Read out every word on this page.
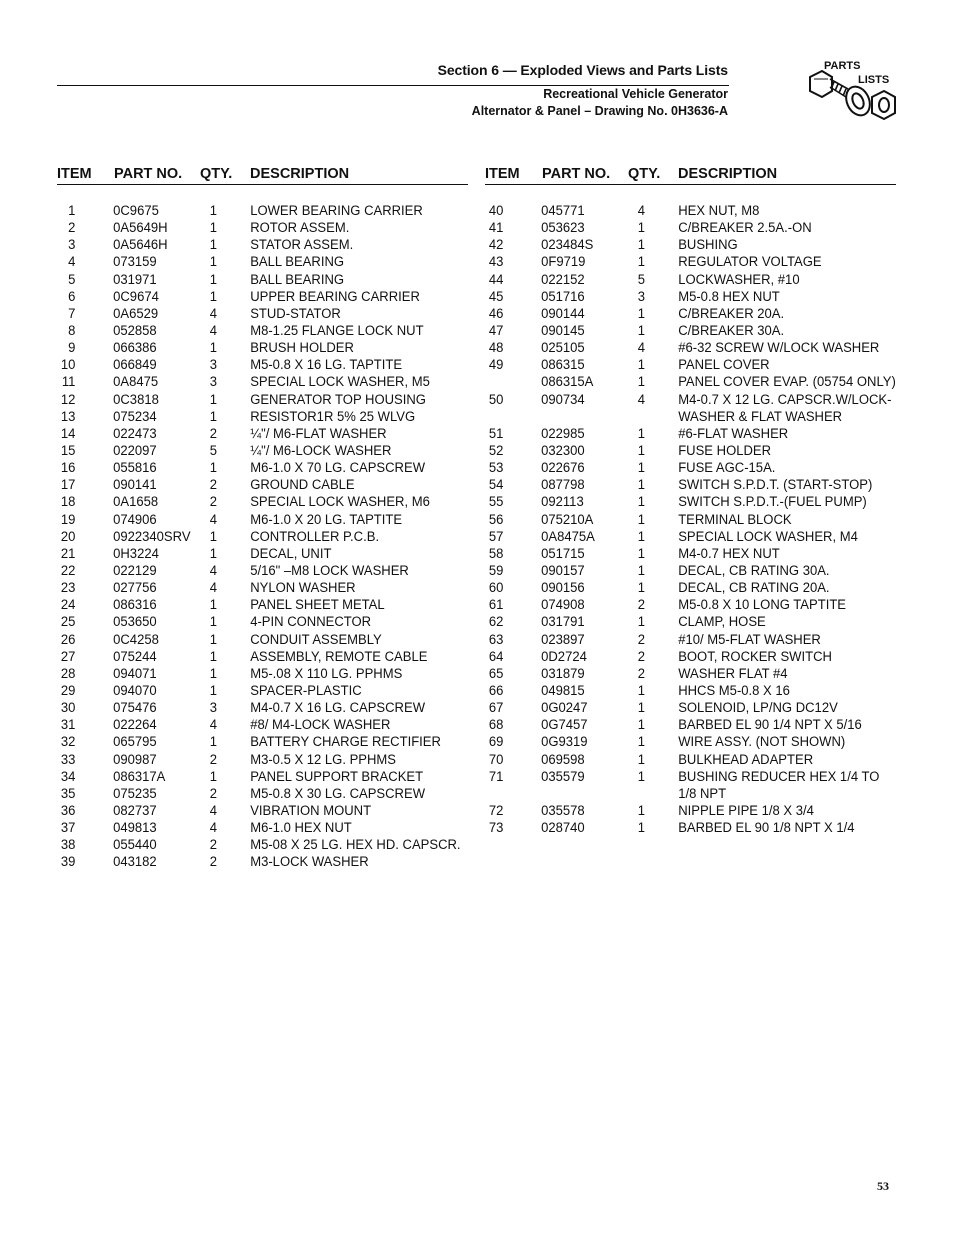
Section 6 — Exploded Views and Parts Lists
Recreational Vehicle Generator
Alternator & Panel – Drawing No. 0H3636-A
PARTS
LISTS
ITEM PART NO. QTY. DESCRIPTION
1	0C9675	1 LOWER BEARING CARRIER
2	0A5649H	1 ROTOR ASSEM.
3	0A5646H	1 STATOR ASSEM.
4	073159	1 BALL BEARING
5	031971	1 BALL BEARING
6	0C9674	1 UPPER BEARING CARRIER
7	0A6529	4 STUD-STATOR
8	052858	4 M8-1.25 FLANGE LOCK NUT
9	066386	1 BRUSH HOLDER
10	066849	3 M5-0.8 X 16 LG. TAPTITE
11	0A8475	3 SPECIAL LOCK WASHER, M5
12	0C3818	1 GENERATOR TOP HOUSING
13	075234	1 RESISTOR1R 5% 25 WLVG
14	022473	2 ¼"/ M6-FLAT WASHER
15	022097	5 ¼"/ M6-LOCK WASHER
16	055816	1 M6-1.0 X 70 LG. CAPSCREW
17	090141	2 GROUND CABLE
18	0A1658	2 SPECIAL LOCK WASHER, M6
19	074906	4 M6-1.0 X 20 LG. TAPTITE
20	0922340SRV 1 CONTROLLER P.C.B.
21	0H3224	1 DECAL, UNIT
22	022129	4 5/16" –M8 LOCK WASHER
23	027756	4 NYLON WASHER
24	086316	1 PANEL SHEET METAL
25	053650	1 4-PIN CONNECTOR
26	0C4258	1 CONDUIT ASSEMBLY
27	075244	1 ASSEMBLY, REMOTE CABLE
28	094071	1 M5-.08 X 110 LG. PPHMS
29	094070	1 SPACER-PLASTIC
30	075476	3 M4-0.7 X 16 LG. CAPSCREW
31	022264	4 #8/ M4-LOCK WASHER
32	065795	1 BATTERY CHARGE RECTIFIER
33	090987	2 M3-0.5 X 12 LG. PPHMS
34	086317A	1 PANEL SUPPORT BRACKET
35	075235	2 M5-0.8 X 30 LG. CAPSCREW
36	082737	4 VIBRATION MOUNT
37	049813	4 M6-1.0 HEX NUT
38	055440	2 M5-08 X 25 LG. HEX HD. CAPSCR.
39	043182	2 M3-LOCK WASHER
ITEM PART NO. QTY. DESCRIPTION
40	045771	4 HEX NUT, M8
41	053623	1 C/BREAKER 2.5A.-ON
42	023484S	1 BUSHING
43	0F9719	1 REGULATOR VOLTAGE
44	022152	5 LOCKWASHER, #10
45	051716	3 M5-0.8 HEX NUT
46	090144	1 C/BREAKER 20A.
47	090145	1 C/BREAKER 30A.
48	025105	4 #6-32 SCREW W/LOCK WASHER
49	086315	1 PANEL COVER
086315A	1 PANEL COVER EVAP. (05754 ONLY)
50	090734	4 M4-0.7 X 12 LG. CAPSCR.W/LOCK-
WASHER & FLAT WASHER
51	022985	1 #6-FLAT WASHER
52	032300	1 FUSE HOLDER
53	022676	1 FUSE AGC-15A.
54	087798	1 SWITCH S.P.D.T. (START-STOP)
55	092113	1 SWITCH S.P.D.T.-(FUEL PUMP)
56	075210A	1 TERMINAL BLOCK
57	0A8475A	1 SPECIAL LOCK WASHER, M4
58	051715	1 M4-0.7 HEX NUT
59	090157	1 DECAL, CB RATING 30A.
60	090156	1 DECAL, CB RATING 20A.
61	074908	2 M5-0.8 X 10 LONG TAPTITE
62	031791	1 CLAMP, HOSE
63	023897	2 #10/ M5-FLAT WASHER
64	0D2724	2 BOOT, ROCKER SWITCH
65	031879	2 WASHER FLAT #4
66	049815	1 HHCS M5-0.8 X 16
67	0G0247	1 SOLENOID, LP/NG DC12V
68	0G7457	1 BARBED EL 90 1/4 NPT X 5/16
69	0G9319	1 WIRE ASSY. (NOT SHOWN)
70	069598	1 BULKHEAD ADAPTER
71	035579	1 BUSHING REDUCER HEX 1/4 TO
1/8 NPT
72	035578	1 NIPPLE PIPE 1/8 X 3/4
73	028740	1 BARBED EL 90 1/8 NPT X 1/4
53
